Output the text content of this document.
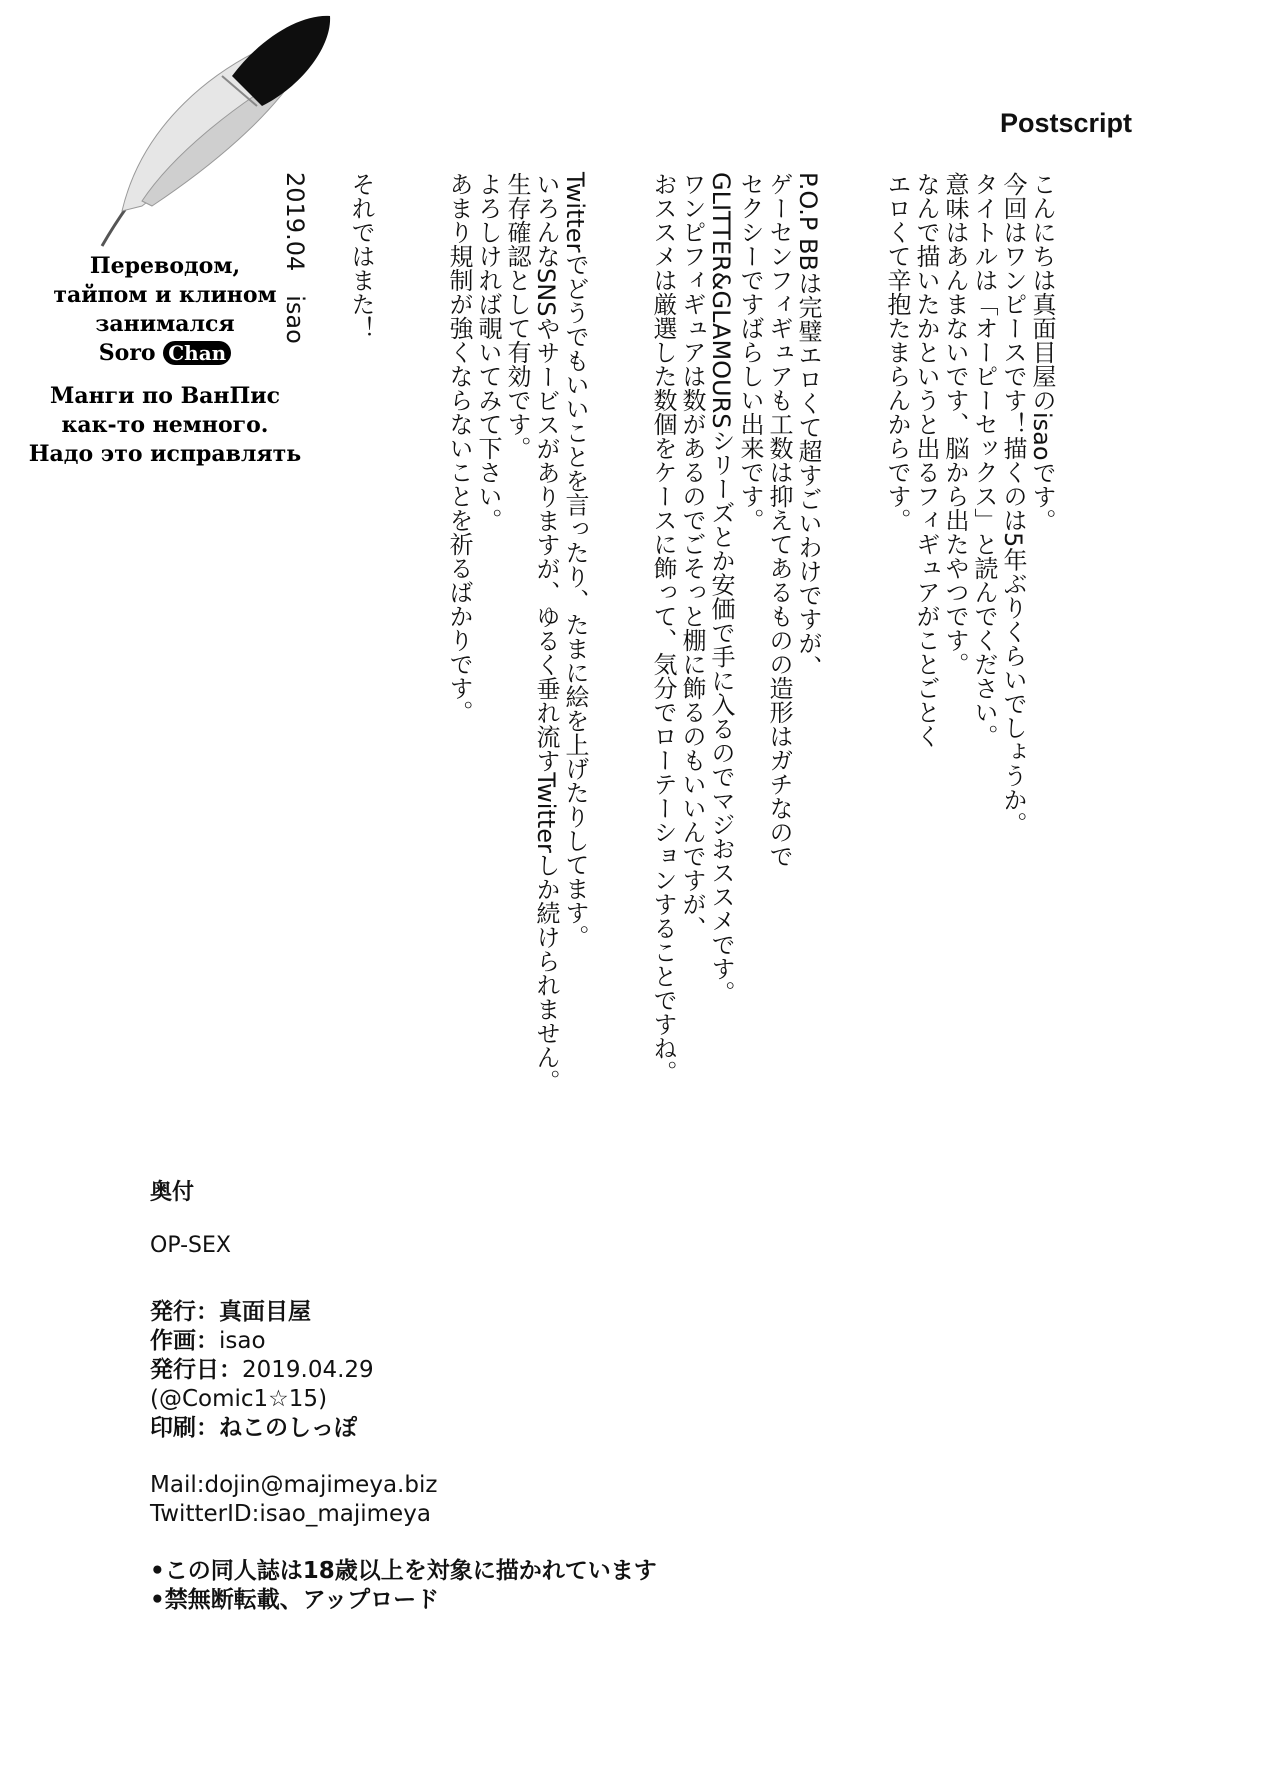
Postscript
こんにちは真面目屋のisaoです。
今回はワンピースです！描くのは5年ぶりくらいでしょうか。
タイトルは「オーピーセックス」と読んでください。
意味はあんまないです、脳から出たやつです。
なんで描いたかというと出るフィギュアがことごとく
エロくて辛抱たまらんからです。
P.O.P BBは完璧エロくて超すごいわけですが、
ゲーセンフィギュアも工数は抑えてあるものの造形はガチなので
セクシーですばらしい出来です。
GLITTER&GLAMOURSシリーズとか安価で手に入るのでマジおススメです。
ワンピフィギュアは数があるのでごそっと棚に飾るのもいいんですが、
おススメは厳選した数個をケースに飾って、気分でローテーションすることですね。
Twitterでどうでもいいことを言ったり、たまに絵を上げたりしてます。
いろんなSNSやサービスがありますが、ゆるく垂れ流すTwitterしか続けられません。
生存確認として有効です。
よろしければ覗いてみて下さい。
あまり規制が強くならないことを祈るばかりです。
それではまた！
2019.04　isao
Переводом,
тайпом и клином
занимался
Soro Chan
Манги по ВанПис
как-то немного.
Надо это исправлять
奥付
OP-SEX
発行：真面目屋
作画：isao
発行日：2019.04.29
(@Comic1☆15)
印刷：ねこのしっぽ
Mail:dojin@majimeya.biz
TwitterID:isao_majimeya
•この同人誌は18歳以上を対象に描かれています
•禁無断転載、アップロード
